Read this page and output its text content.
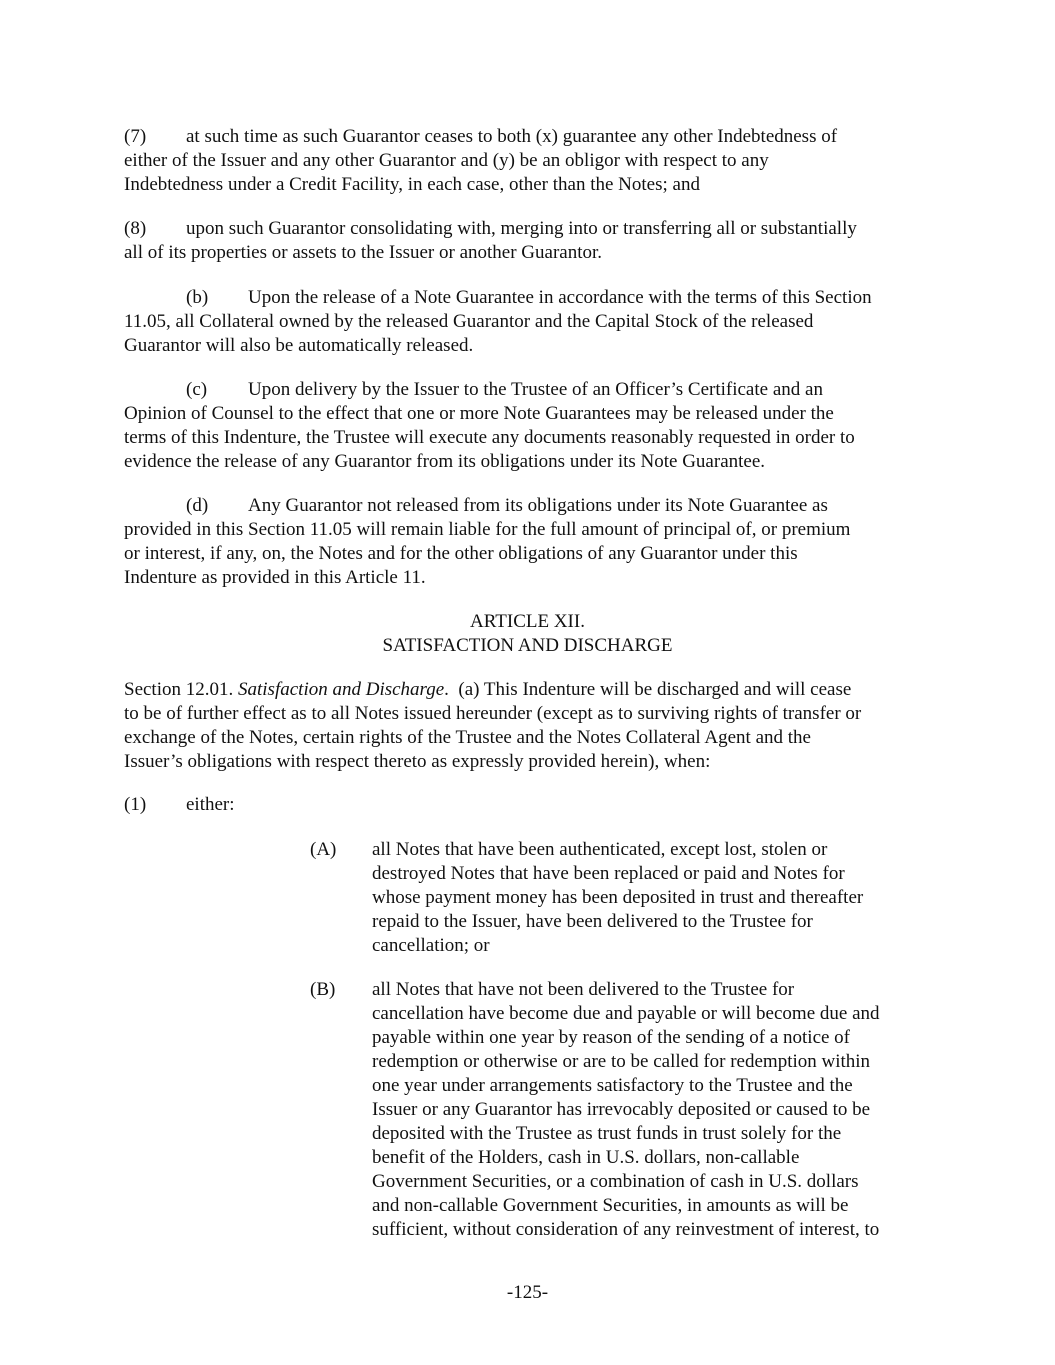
(7) at such time as such Guarantor ceases to both (x) guarantee any other Indebtedness of
either of the Issuer and any other Guarantor and (y) be an obligor with respect to any
Indebtedness under a Credit Facility, in each case, other than the Notes; and
(8) upon such Guarantor consolidating with, merging into or transferring all or substantially
all of its properties or assets to the Issuer or another Guarantor.
(b) Upon the release of a Note Guarantee in accordance with the terms of this Section
11.05, all Collateral owned by the released Guarantor and the Capital Stock of the released
Guarantor will also be automatically released.
(c) Upon delivery by the Issuer to the Trustee of an Officer’s Certificate and an
Opinion of Counsel to the effect that one or more Note Guarantees may be released under the
terms of this Indenture, the Trustee will execute any documents reasonably requested in order to
evidence the release of any Guarantor from its obligations under its Note Guarantee.
(d) Any Guarantor not released from its obligations under its Note Guarantee as
provided in this Section 11.05 will remain liable for the full amount of principal of, or premium
or interest, if any, on, the Notes and for the other obligations of any Guarantor under this
Indenture as provided in this Article 11.
ARTICLE XII.
SATISFACTION AND DISCHARGE
Section 12.01. Satisfaction and Discharge.  (a) This Indenture will be discharged and will cease
to be of further effect as to all Notes issued hereunder (except as to surviving rights of transfer or
exchange of the Notes, certain rights of the Trustee and the Notes Collateral Agent and the
Issuer’s obligations with respect thereto as expressly provided herein), when:
(1) either:
(A) all Notes that have been authenticated, except lost, stolen or
destroyed Notes that have been replaced or paid and Notes for
whose payment money has been deposited in trust and thereafter
repaid to the Issuer, have been delivered to the Trustee for
cancellation; or
(B) all Notes that have not been delivered to the Trustee for
cancellation have become due and payable or will become due and
payable within one year by reason of the sending of a notice of
redemption or otherwise or are to be called for redemption within
one year under arrangements satisfactory to the Trustee and the
Issuer or any Guarantor has irrevocably deposited or caused to be
deposited with the Trustee as trust funds in trust solely for the
benefit of the Holders, cash in U.S. dollars, non-callable
Government Securities, or a combination of cash in U.S. dollars
and non-callable Government Securities, in amounts as will be
sufficient, without consideration of any reinvestment of interest, to
-125-
